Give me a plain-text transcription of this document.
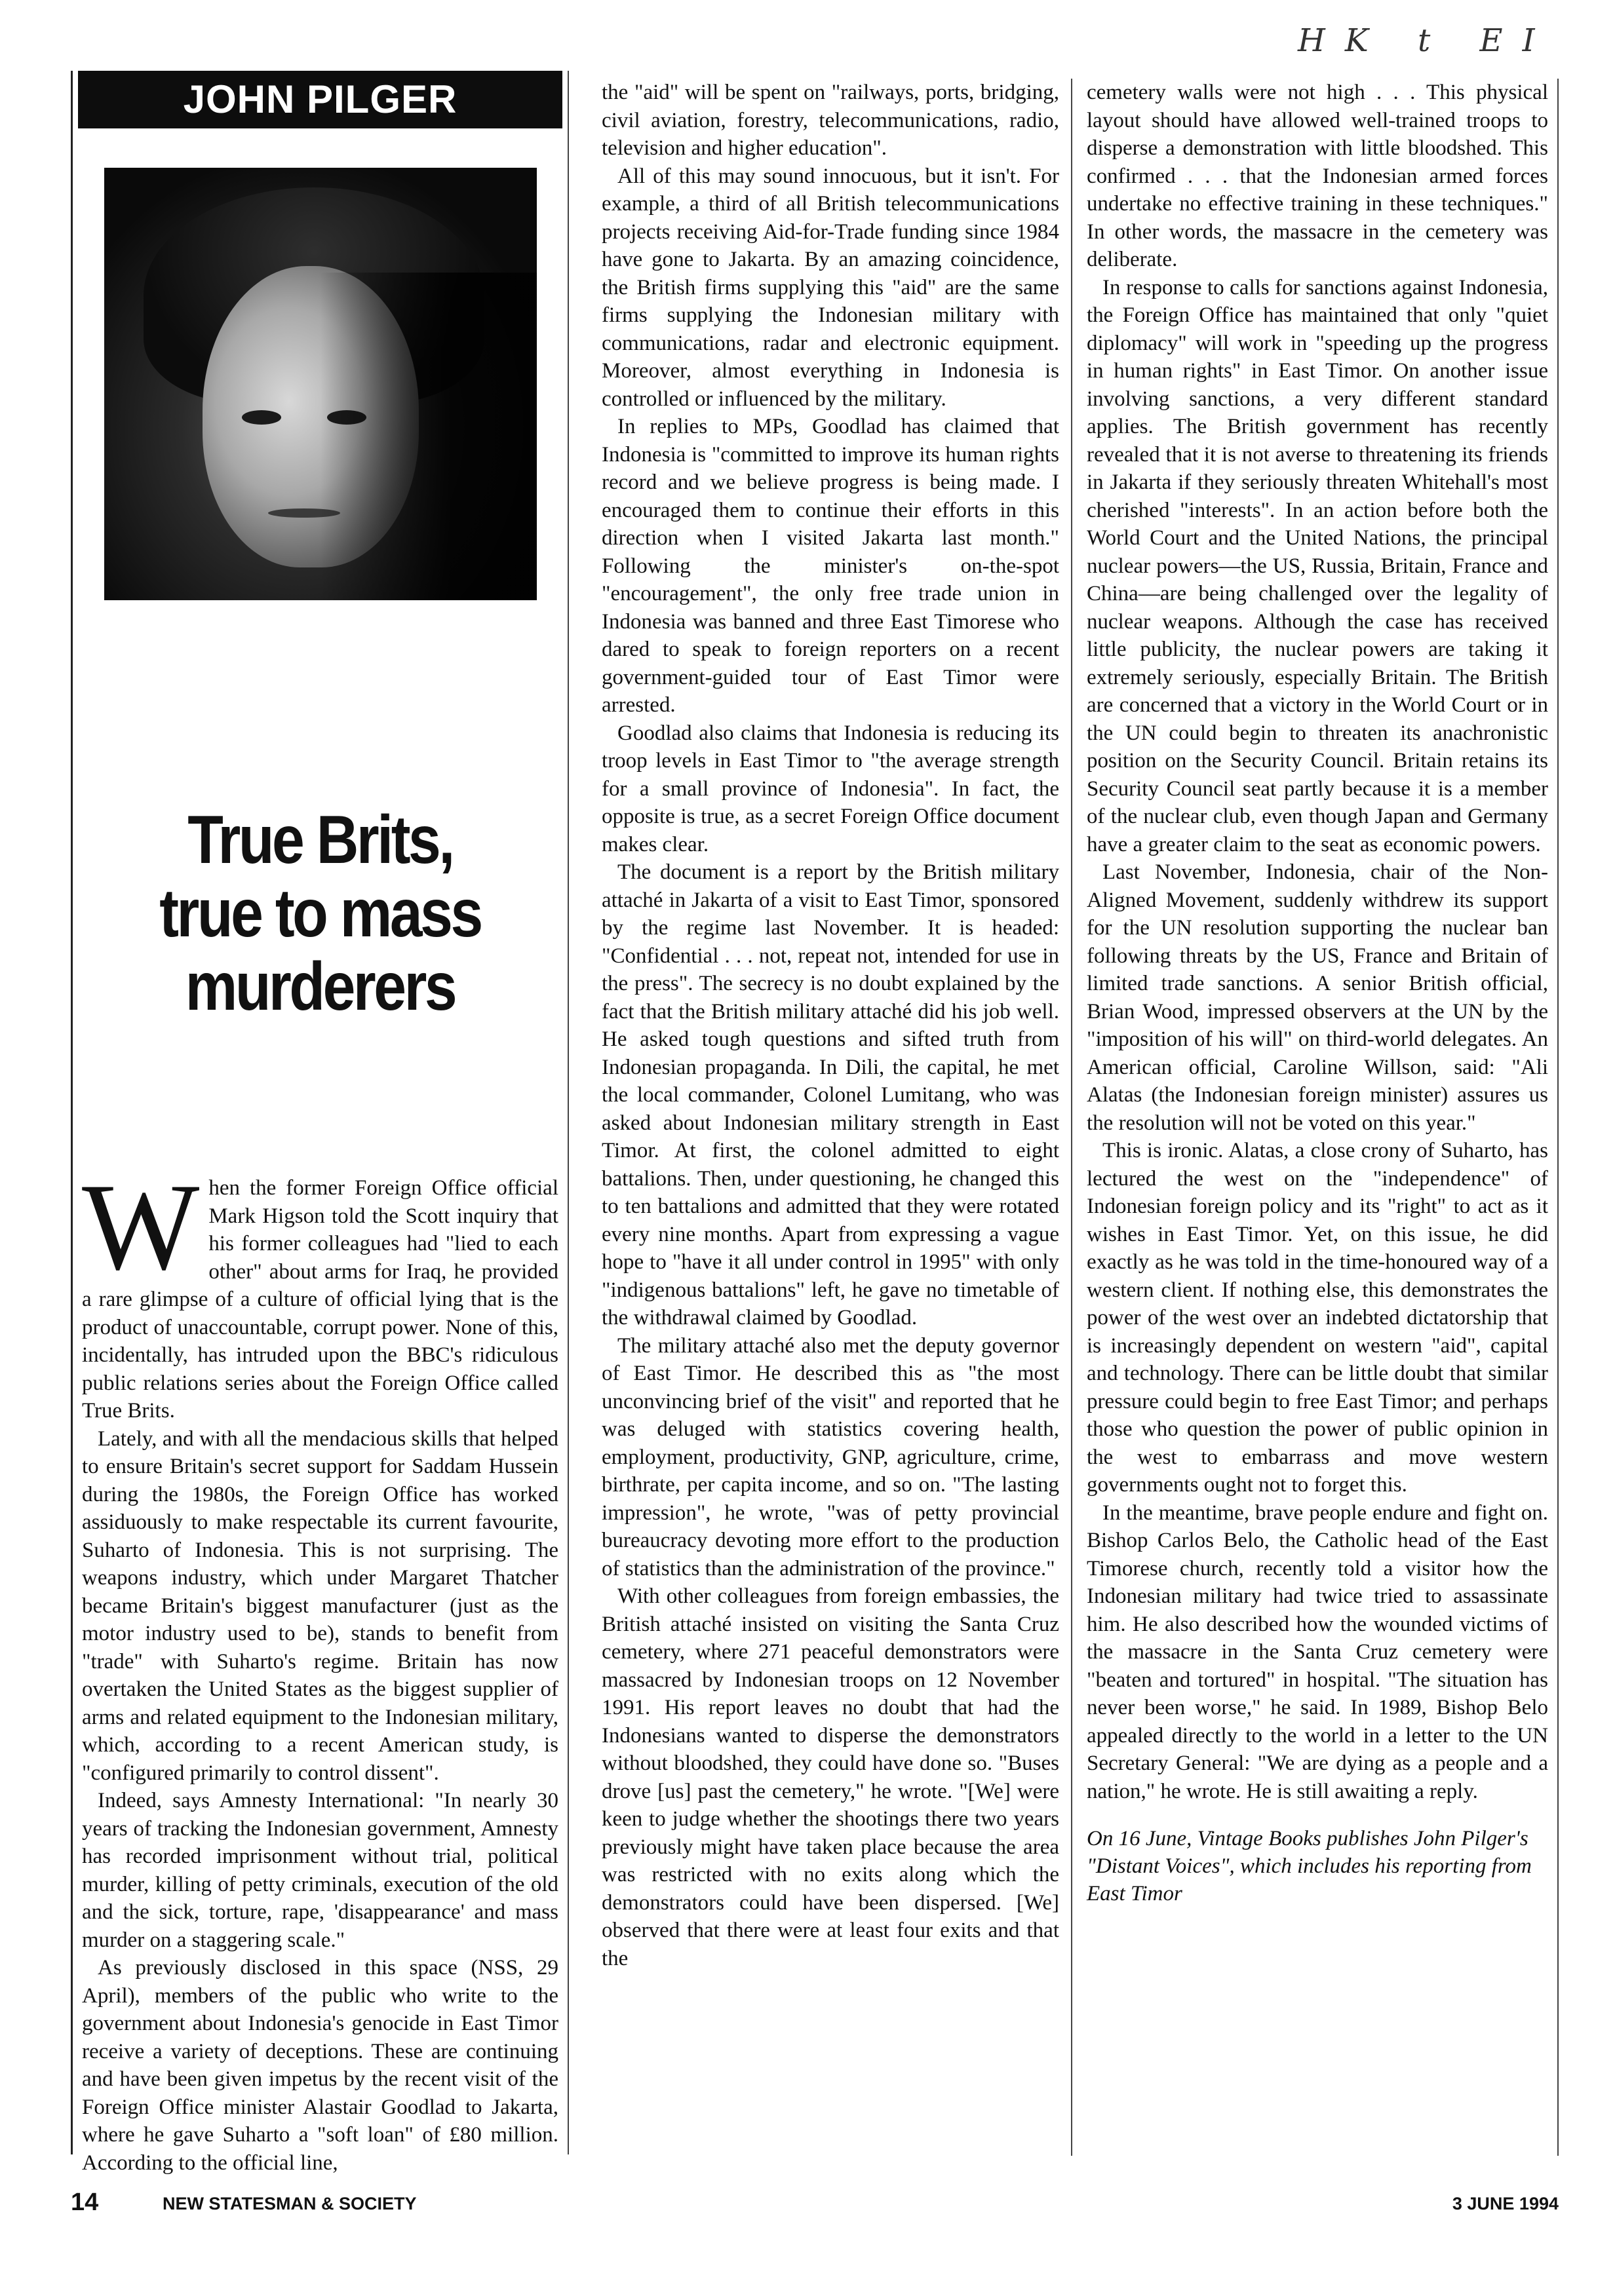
HK t EI
JOHN PILGER
True Brits,
true to mass
murderers

When the former Foreign Office official Mark Higson told the Scott inquiry that his former colleagues had "lied to each other" about arms for Iraq, he provided a rare glimpse of a culture of official lying that is the product of unaccountable, corrupt power. None of this, incidentally, has intruded upon the BBC's ridiculous public relations series about the Foreign Office called True Brits.

Lately, and with all the mendacious skills that helped to ensure Britain's secret support for Saddam Hussein during the 1980s, the Foreign Office has worked assiduously to make respectable its current favourite, Suharto of Indonesia. This is not surprising. The weapons industry, which under Margaret Thatcher became Britain's biggest manufacturer (just as the motor industry used to be), stands to benefit from "trade" with Suharto's regime. Britain has now overtaken the United States as the biggest supplier of arms and related equipment to the Indonesian military, which, according to a recent American study, is "configured primarily to control dissent".

Indeed, says Amnesty International: "In nearly 30 years of tracking the Indonesian government, Amnesty has recorded imprisonment without trial, political murder, killing of petty criminals, execution of the old and the sick, torture, rape, 'disappearance' and mass murder on a staggering scale."

As previously disclosed in this space (NSS, 29 April), members of the public who write to the government about Indonesia's genocide in East Timor receive a variety of deceptions. These are continuing and have been given impetus by the recent visit of the Foreign Office minister Alastair Goodlad to Jakarta, where he gave Suharto a "soft loan" of £80 million. According to the official line,

the "aid" will be spent on "railways, ports, bridging, civil aviation, forestry, telecommunications, radio, television and higher education".

All of this may sound innocuous, but it isn't. For example, a third of all British telecommunications projects receiving Aid-for-Trade funding since 1984 have gone to Jakarta. By an amazing coincidence, the British firms supplying this "aid" are the same firms supplying the Indonesian military with communications, radar and electronic equipment. Moreover, almost everything in Indonesia is controlled or influenced by the military.

In replies to MPs, Goodlad has claimed that Indonesia is "committed to improve its human rights record and we believe progress is being made. I encouraged them to continue their efforts in this direction when I visited Jakarta last month." Following the minister's on-the-spot "encouragement", the only free trade union in Indonesia was banned and three East Timorese who dared to speak to foreign reporters on a recent government-guided tour of East Timor were arrested.

Goodlad also claims that Indonesia is reducing its troop levels in East Timor to "the average strength for a small province of Indonesia". In fact, the opposite is true, as a secret Foreign Office document makes clear.

The document is a report by the British military attaché in Jakarta of a visit to East Timor, sponsored by the regime last November. It is headed: "Confidential . . . not, repeat not, intended for use in the press". The secrecy is no doubt explained by the fact that the British military attaché did his job well. He asked tough questions and sifted truth from Indonesian propaganda. In Dili, the capital, he met the local commander, Colonel Lumitang, who was asked about Indonesian military strength in East Timor. At first, the colonel admitted to eight battalions. Then, under questioning, he changed this to ten battalions and admitted that they were rotated every nine months. Apart from expressing a vague hope to "have it all under control in 1995" with only "indigenous battalions" left, he gave no timetable of the withdrawal claimed by Goodlad.

The military attaché also met the deputy governor of East Timor. He described this as "the most unconvincing brief of the visit" and reported that he was deluged with statistics covering health, employment, productivity, GNP, agriculture, crime, birthrate, per capita income, and so on. "The lasting impression", he wrote, "was of petty provincial bureaucracy devoting more effort to the production of statistics than the administration of the province."

With other colleagues from foreign embassies, the British attaché insisted on visiting the Santa Cruz cemetery, where 271 peaceful demonstrators were massacred by Indonesian troops on 12 November 1991. His report leaves no doubt that had the Indonesians wanted to disperse the demonstrators without bloodshed, they could have done so. "Buses drove [us] past the cemetery," he wrote. "[We] were keen to judge whether the shootings there two years previously might have taken place because the area was restricted with no exits along which the demonstrators could have been dispersed. [We] observed that there were at least four exits and that the

cemetery walls were not high . . . This physical layout should have allowed well-trained troops to disperse a demonstration with little bloodshed. This confirmed . . . that the Indonesian armed forces undertake no effective training in these techniques." In other words, the massacre in the cemetery was deliberate.

In response to calls for sanctions against Indonesia, the Foreign Office has maintained that only "quiet diplomacy" will work in "speeding up the progress in human rights" in East Timor. On another issue involving sanctions, a very different standard applies. The British government has recently revealed that it is not averse to threatening its friends in Jakarta if they seriously threaten Whitehall's most cherished "interests". In an action before both the World Court and the United Nations, the principal nuclear powers—the US, Russia, Britain, France and China—are being challenged over the legality of nuclear weapons. Although the case has received little publicity, the nuclear powers are taking it extremely seriously, especially Britain. The British are concerned that a victory in the World Court or in the UN could begin to threaten its anachronistic position on the Security Council. Britain retains its Security Council seat partly because it is a member of the nuclear club, even though Japan and Germany have a greater claim to the seat as economic powers.

Last November, Indonesia, chair of the Non-Aligned Movement, suddenly withdrew its support for the UN resolution supporting the nuclear ban following threats by the US, France and Britain of limited trade sanctions. A senior British official, Brian Wood, impressed observers at the UN by the "imposition of his will" on third-world delegates. An American official, Caroline Willson, said: "Ali Alatas (the Indonesian foreign minister) assures us the resolution will not be voted on this year."

This is ironic. Alatas, a close crony of Suharto, has lectured the west on the "independence" of Indonesian foreign policy and its "right" to act as it wishes in East Timor. Yet, on this issue, he did exactly as he was told in the time-honoured way of a western client. If nothing else, this demonstrates the power of the west over an indebted dictatorship that is increasingly dependent on western "aid", capital and technology. There can be little doubt that similar pressure could begin to free East Timor; and perhaps those who question the power of public opinion in the west to embarrass and move western governments ought not to forget this.

In the meantime, brave people endure and fight on. Bishop Carlos Belo, the Catholic head of the East Timorese church, recently told a visitor how the Indonesian military had twice tried to assassinate him. He also described how the wounded victims of the massacre in the Santa Cruz cemetery were "beaten and tortured" in hospital. "The situation has never been worse," he said. In 1989, Bishop Belo appealed directly to the world in a letter to the UN Secretary General: "We are dying as a people and a nation," he wrote. He is still awaiting a reply.

On 16 June, Vintage Books publishes John Pilger's "Distant Voices", which includes his reporting from East Timor

14	NEW STATESMAN & SOCIETY	3 JUNE 1994
